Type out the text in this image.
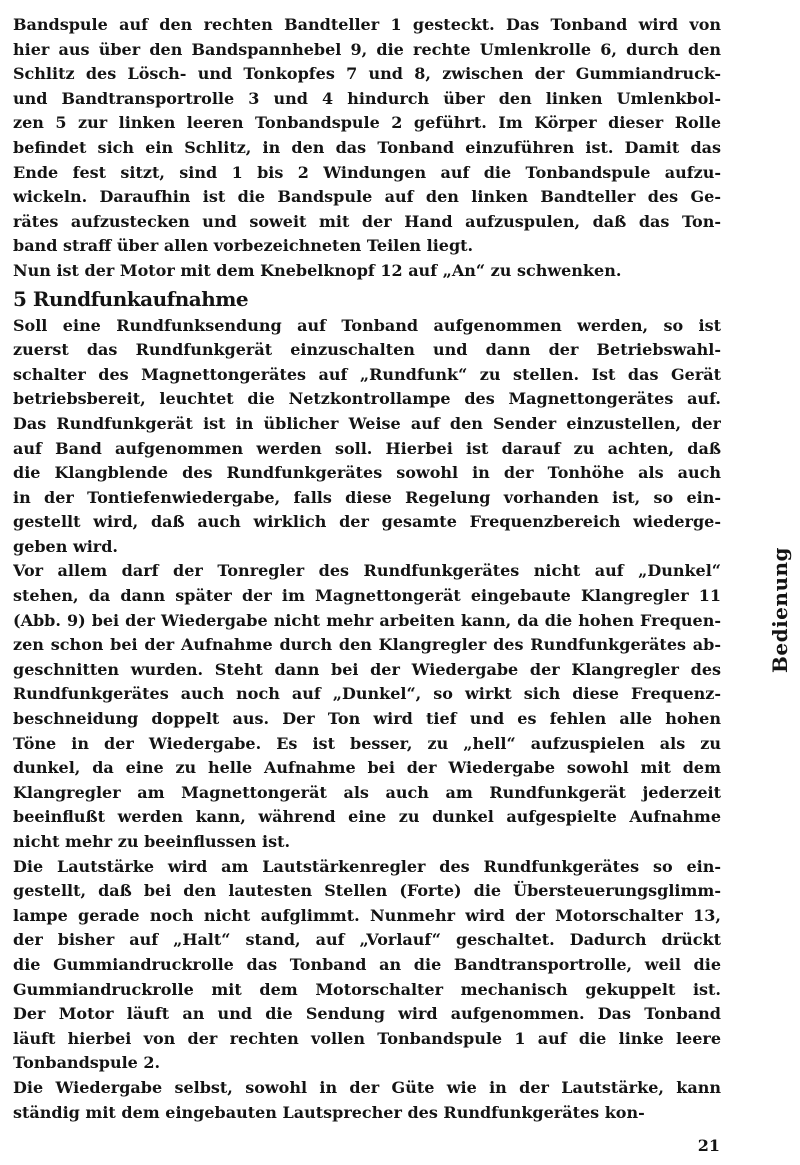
Bandspule auf den rechten Bandteller 1 gesteckt. Das Tonband wird von
hier aus über den Bandspannhebel 9, die rechte Umlenkrolle 6, durch den
Schlitz des Lösch- und Tonkopfes 7 und 8, zwischen der Gummiandruck-
und Bandtransportrolle 3 und 4 hindurch über den linken Umlenkbol-
zen 5 zur linken leeren Tonbandspule 2 geführt. Im Körper dieser Rolle
befindet sich ein Schlitz, in den das Tonband einzuführen ist. Damit das
Ende fest sitzt, sind 1 bis 2 Windungen auf die Tonbandspule aufzu-
wickeln. Daraufhin ist die Bandspule auf den linken Bandteller des Ge-
rätes aufzustecken und soweit mit der Hand aufzuspulen, daß das Ton-
band straff über allen vorbezeichneten Teilen liegt.
Nun ist der Motor mit dem Knebelknopf 12 auf „An“ zu schwenken.
5 Rundfunkaufnahme
Soll eine Rundfunksendung auf Tonband aufgenommen werden, so ist
zuerst das Rundfunkgerät einzuschalten und dann der Betriebswahl-
schalter des Magnettongerätes auf „Rundfunk“ zu stellen. Ist das Gerät
betriebsbereit, leuchtet die Netzkontrollampe des Magnettongerätes auf.
Das Rundfunkgerät ist in üblicher Weise auf den Sender einzustellen, der
auf Band aufgenommen werden soll. Hierbei ist darauf zu achten, daß
die Klangblende des Rundfunkgerätes sowohl in der Tonhöhe als auch
in der Tontiefenwiedergabe, falls diese Regelung vorhanden ist, so ein-
gestellt wird, daß auch wirklich der gesamte Frequenzbereich wiederge-
geben wird.
Vor allem darf der Tonregler des Rundfunkgerätes nicht auf „Dunkel“
stehen, da dann später der im Magnettongerät eingebaute Klangregler 11
(Abb. 9) bei der Wiedergabe nicht mehr arbeiten kann, da die hohen Frequen-
zen schon bei der Aufnahme durch den Klangregler des Rundfunkgerätes ab-
geschnitten wurden. Steht dann bei der Wiedergabe der Klangregler des
Rundfunkgerätes auch noch auf „Dunkel“, so wirkt sich diese Frequenz-
beschneidung doppelt aus. Der Ton wird tief und es fehlen alle hohen
Töne in der Wiedergabe. Es ist besser, zu „hell“ aufzuspielen als zu
dunkel, da eine zu helle Aufnahme bei der Wiedergabe sowohl mit dem
Klangregler am Magnettongerät als auch am Rundfunkgerät jederzeit
beeinflußt werden kann, während eine zu dunkel aufgespielte Aufnahme
nicht mehr zu beeinflussen ist.
Die Lautstärke wird am Lautstärkenregler des Rundfunkgerätes so ein-
gestellt, daß bei den lautesten Stellen (Forte) die Übersteuerungsglimm-
lampe gerade noch nicht aufglimmt. Nunmehr wird der Motorschalter 13,
der bisher auf „Halt“ stand, auf „Vorlauf“ geschaltet. Dadurch drückt
die Gummiandruckrolle das Tonband an die Bandtransportrolle, weil die
Gummiandruckrolle mit dem Motorschalter mechanisch gekuppelt ist.
Der Motor läuft an und die Sendung wird aufgenommen. Das Tonband
läuft hierbei von der rechten vollen Tonbandspule 1 auf die linke leere
Tonbandspule 2.
Die Wiedergabe selbst, sowohl in der Güte wie in der Lautstärke, kann
ständig mit dem eingebauten Lautsprecher des Rundfunkgerätes kon-
Bedienung
21
